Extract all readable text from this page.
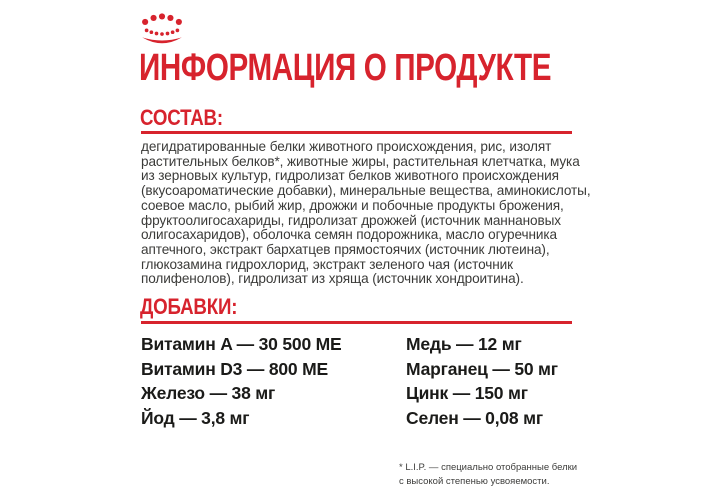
ИНФОРМАЦИЯ О ПРОДУКТЕ
СОСТАВ:
дегидратированные белки животного происхождения, рис, изолят
растительных белков*, животные жиры, растительная клетчатка, мука
из зерновых культур, гидролизат белков животного происхождения
(вкусоароматические добавки), минеральные вещества, аминокислоты,
соевое масло, рыбий жир, дрожжи и побочные продукты брожения,
фруктоолигосахариды, гидролизат дрожжей (источник маннановых
олигосахаридов), оболочка семян подорожника, масло огуречника
аптечного, экстракт бархатцев прямостоячих (источник лютеина),
глюкозамина гидрохлорид, экстракт зеленого чая (источник
полифенолов), гидролизат из хряща (источник хондроитина).
ДОБАВКИ:
Витамин A — 30 500 МЕ
Витамин D3 — 800 МЕ
Железо — 38 мг
Йод — 3,8 мг
Медь — 12 мг
Марганец — 50 мг
Цинк — 150 мг
Селен — 0,08 мг
* L.I.P. — специально отобранные белки
с высокой степенью усвояемости.
